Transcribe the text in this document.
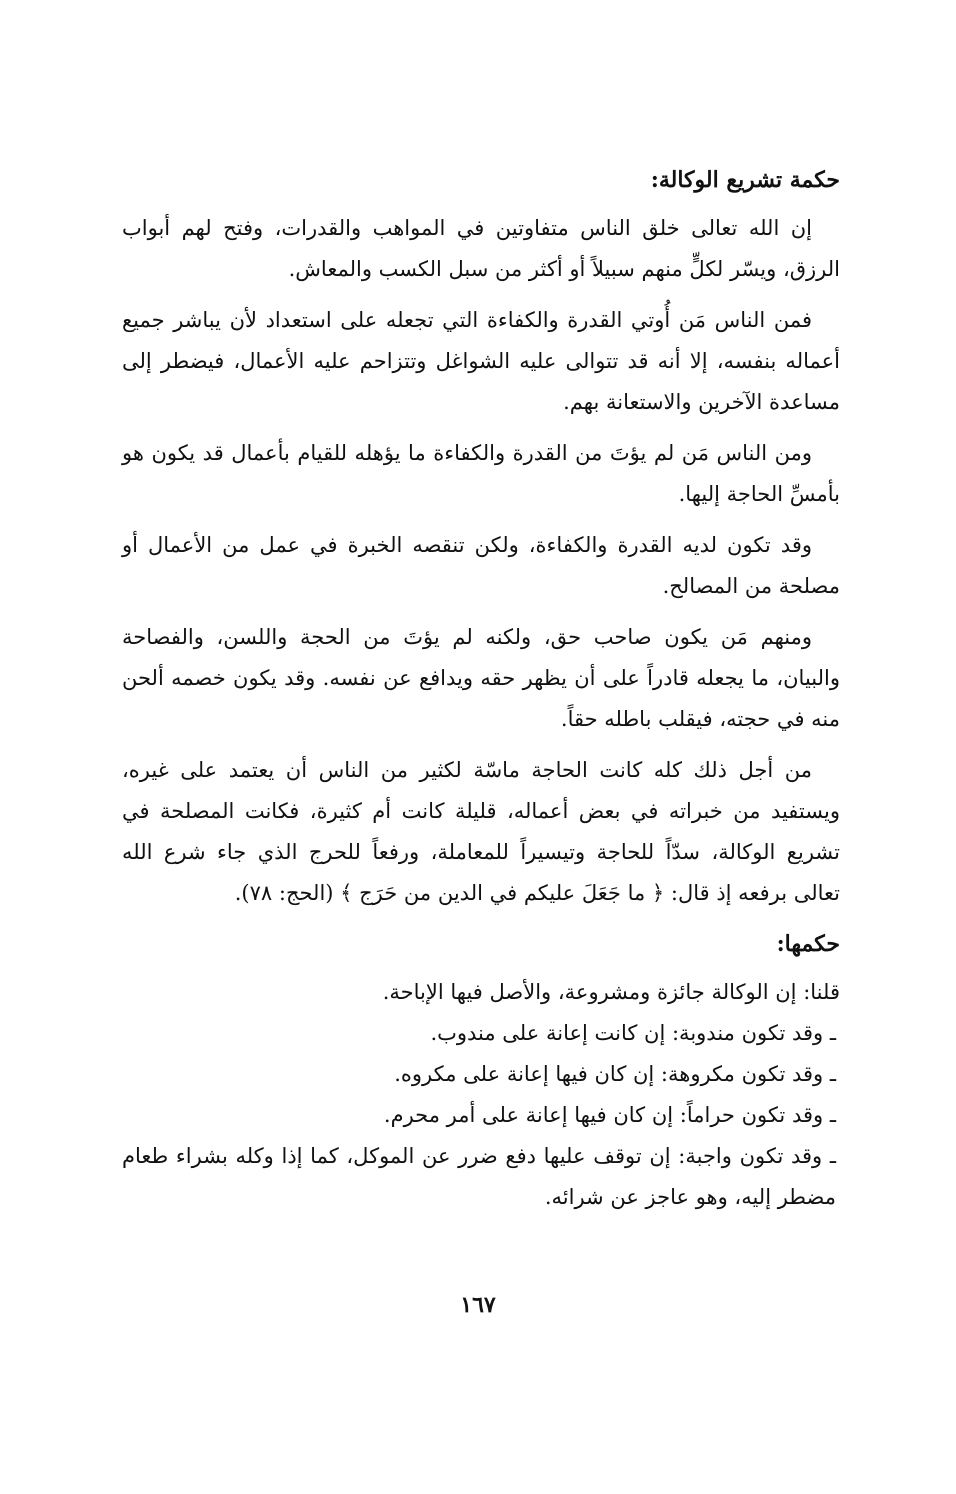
حكمة تشريع الوكالة:

إن الله تعالى خلق الناس متفاوتين في المواهب والقدرات، وفتح لهم أبواب الرزق، ويسّر لكلٍّ منهم سبيلاً أو أكثر من سبل الكسب والمعاش.

فمن الناس مَن أُوتي القدرة والكفاءة التي تجعله على استعداد لأن يباشر جميع أعماله بنفسه، إلا أنه قد تتوالى عليه الشواغل وتتزاحم عليه الأعمال، فيضطر إلى مساعدة الآخرين والاستعانة بهم.

ومن الناس مَن لم يؤتَ من القدرة والكفاءة ما يؤهله للقيام بأعمال قد يكون هو بأمسِّ الحاجة إليها.

وقد تكون لديه القدرة والكفاءة، ولكن تنقصه الخبرة في عمل من الأعمال أو مصلحة من المصالح.

ومنهم مَن يكون صاحب حق، ولكنه لم يؤتَ من الحجة واللسن، والفصاحة والبيان، ما يجعله قادراً على أن يظهر حقه ويدافع عن نفسه. وقد يكون خصمه ألحن منه في حجته، فيقلب باطله حقاً.

من أجل ذلك كله كانت الحاجة ماسّة لكثير من الناس أن يعتمد على غيره، ويستفيد من خبراته في بعض أعماله، قليلة كانت أم كثيرة، فكانت المصلحة في تشريع الوكالة، سدّاً للحاجة وتيسيراً للمعاملة، ورفعاً للحرج الذي جاء شرع الله تعالى برفعه إذ قال: ﴿ ما جَعَلَ عليكم في الدين من حَرَج ﴾ (الحج: ٧٨).

حكمها:

قلنا: إن الوكالة جائزة ومشروعة، والأصل فيها الإباحة.

ـ وقد تكون مندوبة: إن كانت إعانة على مندوب.

ـ وقد تكون مكروهة: إن كان فيها إعانة على مكروه.

ـ وقد تكون حراماً: إن كان فيها إعانة على أمر محرم.

ـ وقد تكون واجبة: إن توقف عليها دفع ضرر عن الموكل، كما إذا وكله بشراء طعام مضطر إليه، وهو عاجز عن شرائه.

١٦٧
